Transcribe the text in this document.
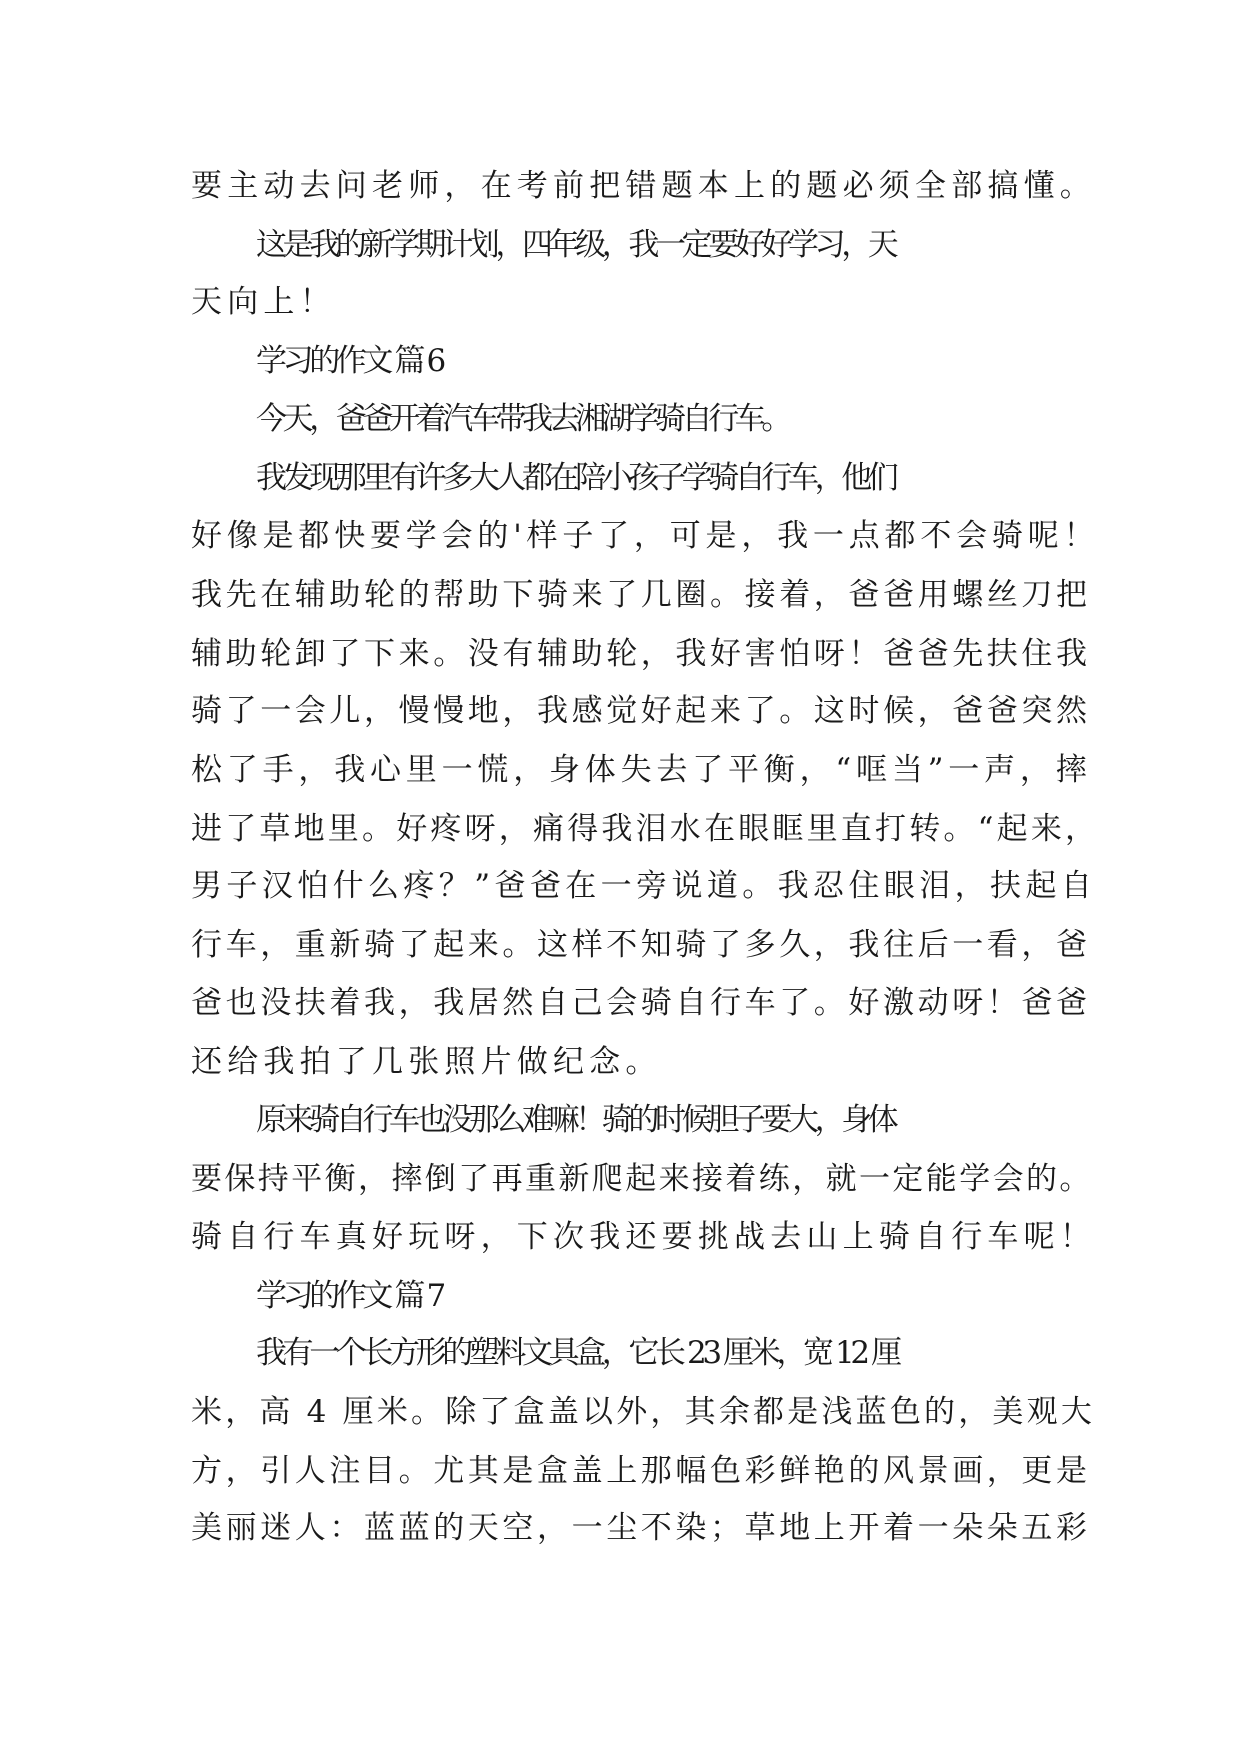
要主动去问老师，在考前把错题本上的题必须全部搞懂。
这是我的新学期计划，四年级，我一定要好好学习，天
天向上！
学习的作文 篇 6
今天，爸爸开着汽车带我去湘湖学骑自行车。
我发现那里有许多大人都在陪小孩子学骑自行车，他们
好像是都快要学会的'样子了，可是，我一点都不会骑呢！
我先在辅助轮的帮助下骑来了几圈。接着，爸爸用螺丝刀把
辅助轮卸了下来。没有辅助轮，我好害怕呀！爸爸先扶住我
骑了一会儿，慢慢地，我感觉好起来了。这时候，爸爸突然
松了手，我心里一慌，身体失去了平衡，“哐当”一声，摔
进了草地里。好疼呀，痛得我泪水在眼眶里直打转。“起来，
男子汉怕什么疼？”爸爸在一旁说道。我忍住眼泪，扶起自
行车，重新骑了起来。这样不知骑了多久，我往后一看，爸
爸也没扶着我，我居然自己会骑自行车了。好激动呀！爸爸
还给我拍了几张照片做纪念。
原来骑自行车也没那么难嘛！骑的时候胆子要大，身体
要保持平衡，摔倒了再重新爬起来接着练，就一定能学会的。
骑自行车真好玩呀，下次我还要挑战去山上骑自行车呢！
学习的作文 篇 7
我有一个长方形的塑料文具盒，它长 23 厘米，宽 12 厘
米，高 4 厘米。除了盒盖以外，其余都是浅蓝色的，美观大
方，引人注目。尤其是盒盖上那幅色彩鲜艳的风景画，更是
美丽迷人：蓝蓝的天空，一尘不染；草地上开着一朵朵五彩
